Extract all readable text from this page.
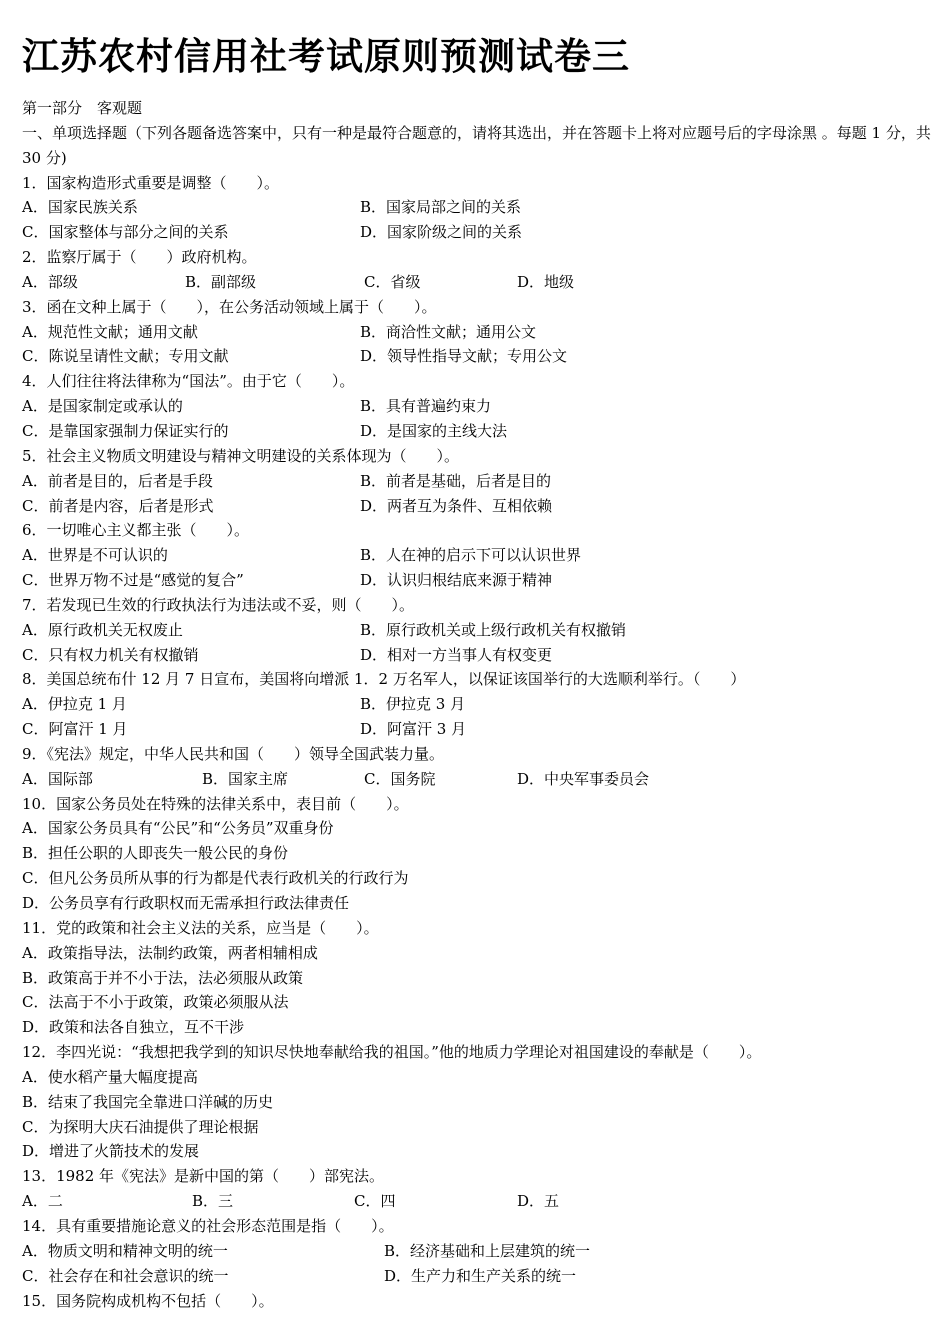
江苏农村信用社考试原则预测试卷三
第一部分　客观题
一、单项选择题（下列各题备选答案中，只有一种是最符合题意的，请将其选出，并在答题卡上将对应题号后的字母涂黑 。每题 1 分，共 30 分)
1．国家构造形式重要是调整（　　）。
A．国家民族关系	B．国家局部之间的关系
C．国家整体与部分之间的关系	D．国家阶级之间的关系
2．监察厅属于（　　）政府机构。
A．部级	B．副部级	C．省级	D．地级
3．函在文种上属于（　　），在公务活动领域上属于（　　）。
A．规范性文献；通用文献	B．商洽性文献；通用公文
C．陈说呈请性文献；专用文献	D．领导性指导文献；专用公文
4．人们往往将法律称为“国法”。由于它（　　）。
A．是国家制定或承认的	B．具有普遍约束力
C．是靠国家强制力保证实行的	D．是国家的主线大法
5．社会主义物质文明建设与精神文明建设的关系体现为（　　）。
A．前者是目的，后者是手段	B．前者是基础，后者是目的
C．前者是内容，后者是形式	D．两者互为条件、互相依赖
6．一切唯心主义都主张（　　）。
A．世界是不可认识的	B．人在神的启示下可以认识世界
C．世界万物不过是“感觉的复合”	D．认识归根结底来源于精神
7．若发现已生效的行政执法行为违法或不妥，则（　　）。
A．原行政机关无权废止	B．原行政机关或上级行政机关有权撤销
C．只有权力机关有权撤销	D．相对一方当事人有权变更
8．美国总统布什 12 月 7 日宣布，美国将向增派 1．2 万名军人，以保证该国举行的大选顺利举行。（　　）
A．伊拉克 1 月	B．伊拉克 3 月
C．阿富汗 1 月	D．阿富汗 3 月
9．《宪法》规定，中华人民共和国（　　）领导全国武装力量。
A．国际部	B．国家主席	C．国务院	D．中央军事委员会
10．国家公务员处在特殊的法律关系中，表目前（　　）。
A．国家公务员具有“公民”和“公务员”双重身份
B．担任公职的人即丧失一般公民的身份
C．但凡公务员所从事的行为都是代表行政机关的行政行为
D．公务员享有行政职权而无需承担行政法律责任
11．党的政策和社会主义法的关系，应当是（　　）。
A．政策指导法，法制约政策，两者相辅相成
B．政策高于并不小于法，法必须服从政策
C．法高于不小于政策，政策必须服从法
D．政策和法各自独立，互不干涉
12．李四光说：“我想把我学到的知识尽快地奉献给我的祖国。”他的地质力学理论对祖国建设的奉献是（　　）。
A．使水稻产量大幅度提高
B．结束了我国完全靠进口洋碱的历史
C．为探明大庆石油提供了理论根据
D．增进了火箭技术的发展
13．1982 年《宪法》是新中国的第（　　）部宪法。
A．二	B．三	C．四	D．五
14．具有重要措施论意义的社会形态范围是指（　　）。
A．物质文明和精神文明的统一	B．经济基础和上层建筑的统一
C．社会存在和社会意识的统一	D．生产力和生产关系的统一
15．国务院构成机构不包括（　　）。
